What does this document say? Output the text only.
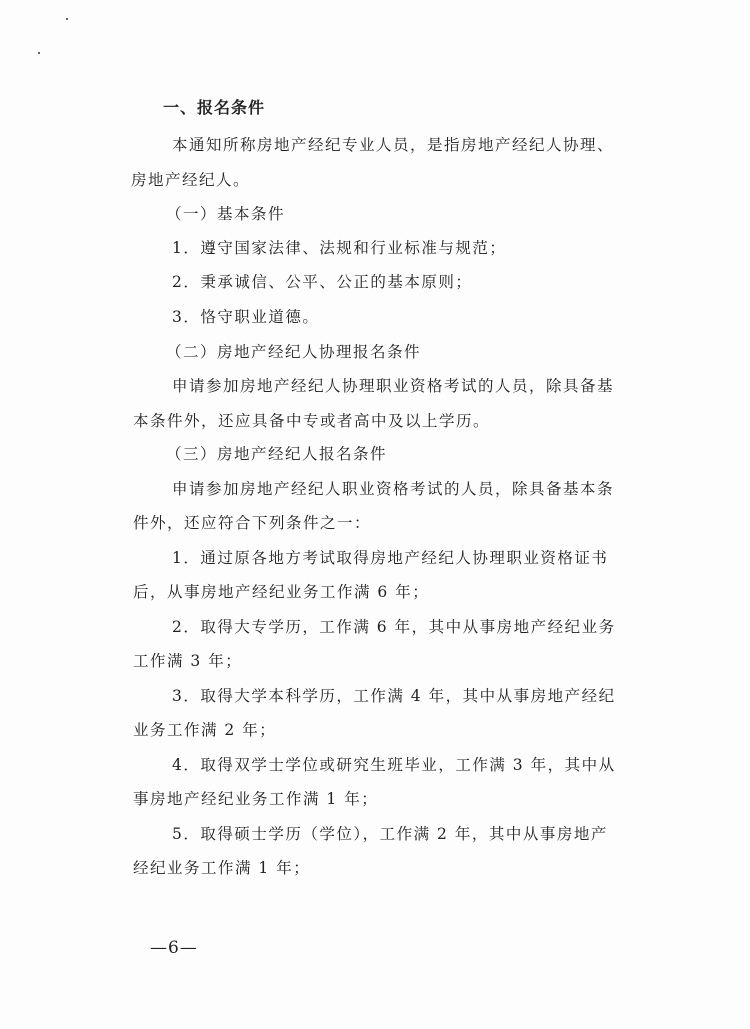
一、报名条件
本通知所称房地产经纪专业人员，是指房地产经纪人协理、
房地产经纪人。
（一）基本条件
1．遵守国家法律、法规和行业标准与规范；
2．秉承诚信、公平、公正的基本原则；
3．恪守职业道德。
（二）房地产经纪人协理报名条件
申请参加房地产经纪人协理职业资格考试的人员，除具备基
本条件外，还应具备中专或者高中及以上学历。
（三）房地产经纪人报名条件
申请参加房地产经纪人职业资格考试的人员，除具备基本条
件外，还应符合下列条件之一：
1．通过原各地方考试取得房地产经纪人协理职业资格证书
后，从事房地产经纪业务工作满 6 年；
2．取得大专学历，工作满 6 年，其中从事房地产经纪业务
工作满 3 年；
3．取得大学本科学历，工作满 4 年，其中从事房地产经纪
业务工作满 2 年；
4．取得双学士学位或研究生班毕业，工作满 3 年，其中从
事房地产经纪业务工作满 1 年；
5．取得硕士学历（学位），工作满 2 年，其中从事房地产
经纪业务工作满 1 年；
—6—
